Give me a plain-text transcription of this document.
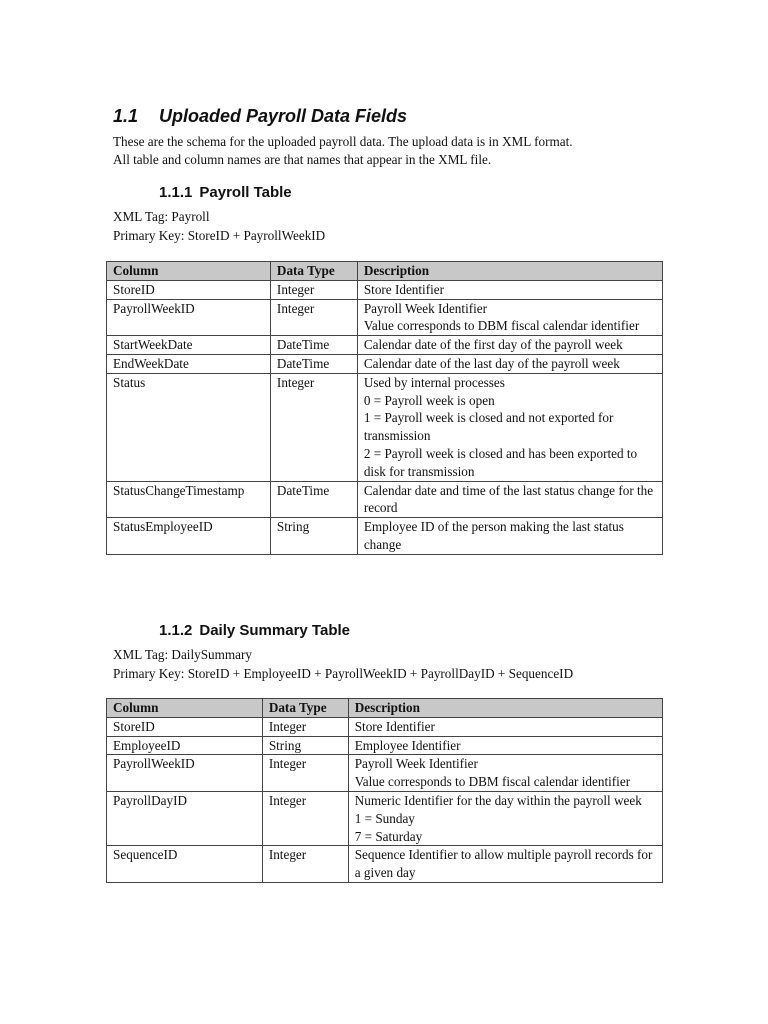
1.1 Uploaded Payroll Data Fields

These are the schema for the uploaded payroll data. The upload data is in XML format.
All table and column names are that names that appear in the XML file.

1.1.1 Payroll Table

XML Tag: Payroll
Primary Key: StoreID + PayrollWeekID

Column	Data Type	Description
StoreID	Integer	Store Identifier

PayrollWeekID	Integer	Payroll Week Identifier
Value corresponds to DBM fiscal calendar identifier

StartWeekDate	DateTime	Calendar date of the first day of the payroll week

EndWeekDate	DateTime	Calendar date of the last day of the payroll week

Status	Integer	Used by internal processes
0 = Payroll week is open
1 = Payroll week is closed and not exported for transmission
2 = Payroll week is closed and has been exported to disk for transmission

StatusChangeTimestamp	DateTime	Calendar date and time of the last status change for the record

StatusEmployeeID	String	Employee ID of the person making the last status change
1.1.2 Daily Summary Table

XML Tag: DailySummary
Primary Key: StoreID + EmployeeID + PayrollWeekID + PayrollDayID + SequenceID

Column	Data Type	Description
StoreID	Integer	Store Identifier

EmployeeID	String	Employee Identifier

PayrollWeekID	Integer	Payroll Week Identifier
Value corresponds to DBM fiscal calendar identifier

PayrollDayID	Integer	Numeric Identifier for the day within the payroll week
1 = Sunday
7 = Saturday

SequenceID	Integer	Sequence Identifier to allow multiple payroll records for a given day
